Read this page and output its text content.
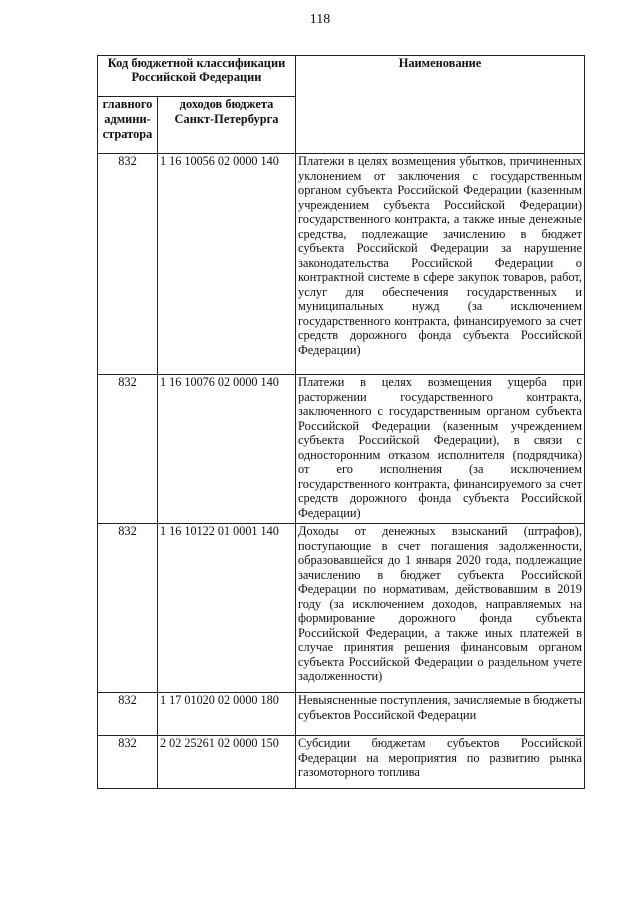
118
Код бюджетной классификации Российской Федерации		Наименование
главного админи-стратора	доходов бюджета Санкт-Петербурга	
832	1 16 10056 02 0000 140	Платежи в целях возмещения убытков, причиненных уклонением от заключения с государственным органом субъекта Российской Федерации (казенным учреждением субъекта Российской Федерации) государственного контракта, а также иные денежные средства, подлежащие зачислению в бюджет субъекта Российской Федерации за нарушение законодательства Российской Федерации о контрактной системе в сфере закупок товаров, работ, услуг для обеспечения государственных и муниципальных нужд (за исключением государственного контракта, финансируемого за счет средств дорожного фонда субъекта Российской Федерации)
832	1 16 10076 02 0000 140	Платежи в целях возмещения ущерба при расторжении государственного контракта, заключенного с государственным органом субъекта Российской Федерации (казенным учреждением субъекта Российской Федерации), в связи с односторонним отказом исполнителя (подрядчика) от его исполнения (за исключением государственного контракта, финансируемого за счет средств дорожного фонда субъекта Российской Федерации)
832	1 16 10122 01 0001 140	Доходы от денежных взысканий (штрафов), поступающие в счет погашения задолженности, образовавшейся до 1 января 2020 года, подлежащие зачислению в бюджет субъекта Российской Федерации по нормативам, действовавшим в 2019 году (за исключением доходов, направляемых на формирование дорожного фонда субъекта Российской Федерации, а также иных платежей в случае принятия решения финансовым органом субъекта Российской Федерации о раздельном учете задолженности)
832	1 17 01020 02 0000 180	Невыясненные поступления, зачисляемые в бюджеты субъектов Российской Федерации
832	2 02 25261 02 0000 150	Субсидии бюджетам субъектов Российской Федерации на мероприятия по развитию рынка газомоторного топлива
